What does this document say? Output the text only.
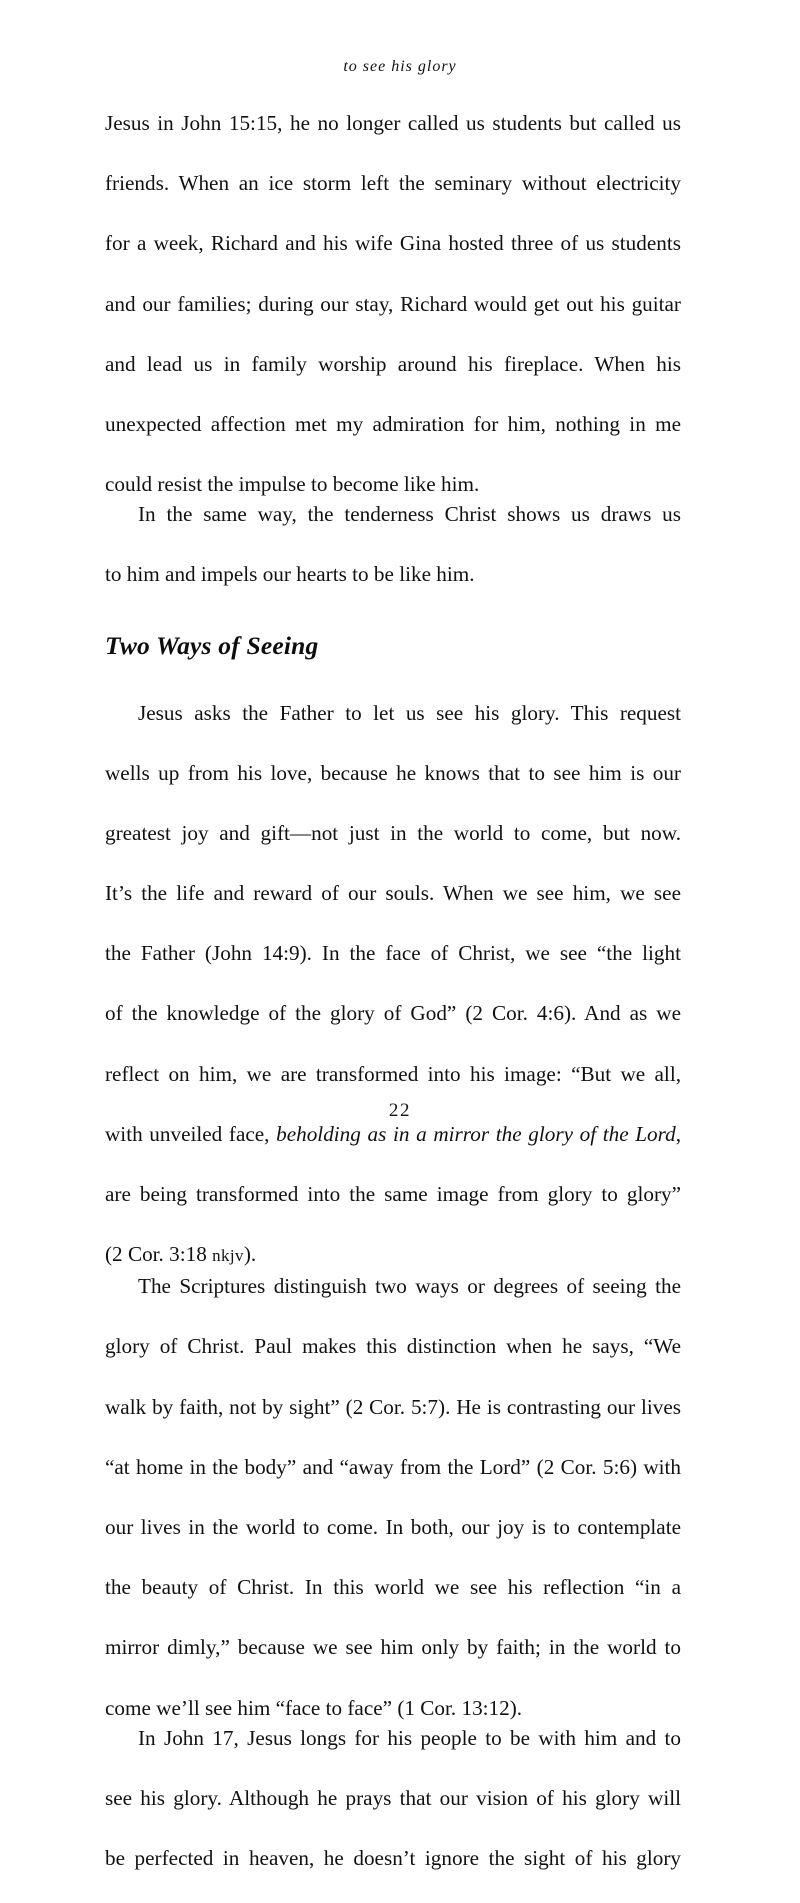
to see his glory

Jesus in John 15:15, he no longer called us students but called us
friends. When an ice storm left the seminary without electricity
for a week, Richard and his wife Gina hosted three of us students
and our families; during our stay, Richard would get out his guitar
and lead us in family worship around his fireplace. When his
unexpected affection met my admiration for him, nothing in me
could resist the impulse to become like him.

In the same way, the tenderness Christ shows us draws us
to him and impels our hearts to be like him.

Two Ways of Seeing

Jesus asks the Father to let us see his glory. This request
wells up from his love, because he knows that to see him is our
greatest joy and gift—not just in the world to come, but now.
It’s the life and reward of our souls. When we see him, we see
the Father (John 14:9). In the face of Christ, we see “the light
of the knowledge of the glory of God” (2 Cor. 4:6). And as we
reflect on him, we are transformed into his image: “But we all,
with unveiled face, beholding as in a mirror the glory of the Lord,
are being transformed into the same image from glory to glory”
(2 Cor. 3:18 nkjv).

The Scriptures distinguish two ways or degrees of seeing the
glory of Christ. Paul makes this distinction when he says, “We
walk by faith, not by sight” (2 Cor. 5:7). He is contrasting our lives
“at home in the body” and “away from the Lord” (2 Cor. 5:6) with
our lives in the world to come. In both, our joy is to contemplate
the beauty of Christ. In this world we see his reflection “in a
mirror dimly,” because we see him only by faith; in the world to
come we’ll see him “face to face” (1 Cor. 13:12).

In John 17, Jesus longs for his people to be with him and to
see his glory. Although he prays that our vision of his glory will
be perfected in heaven, he doesn’t ignore the sight of his glory

22
